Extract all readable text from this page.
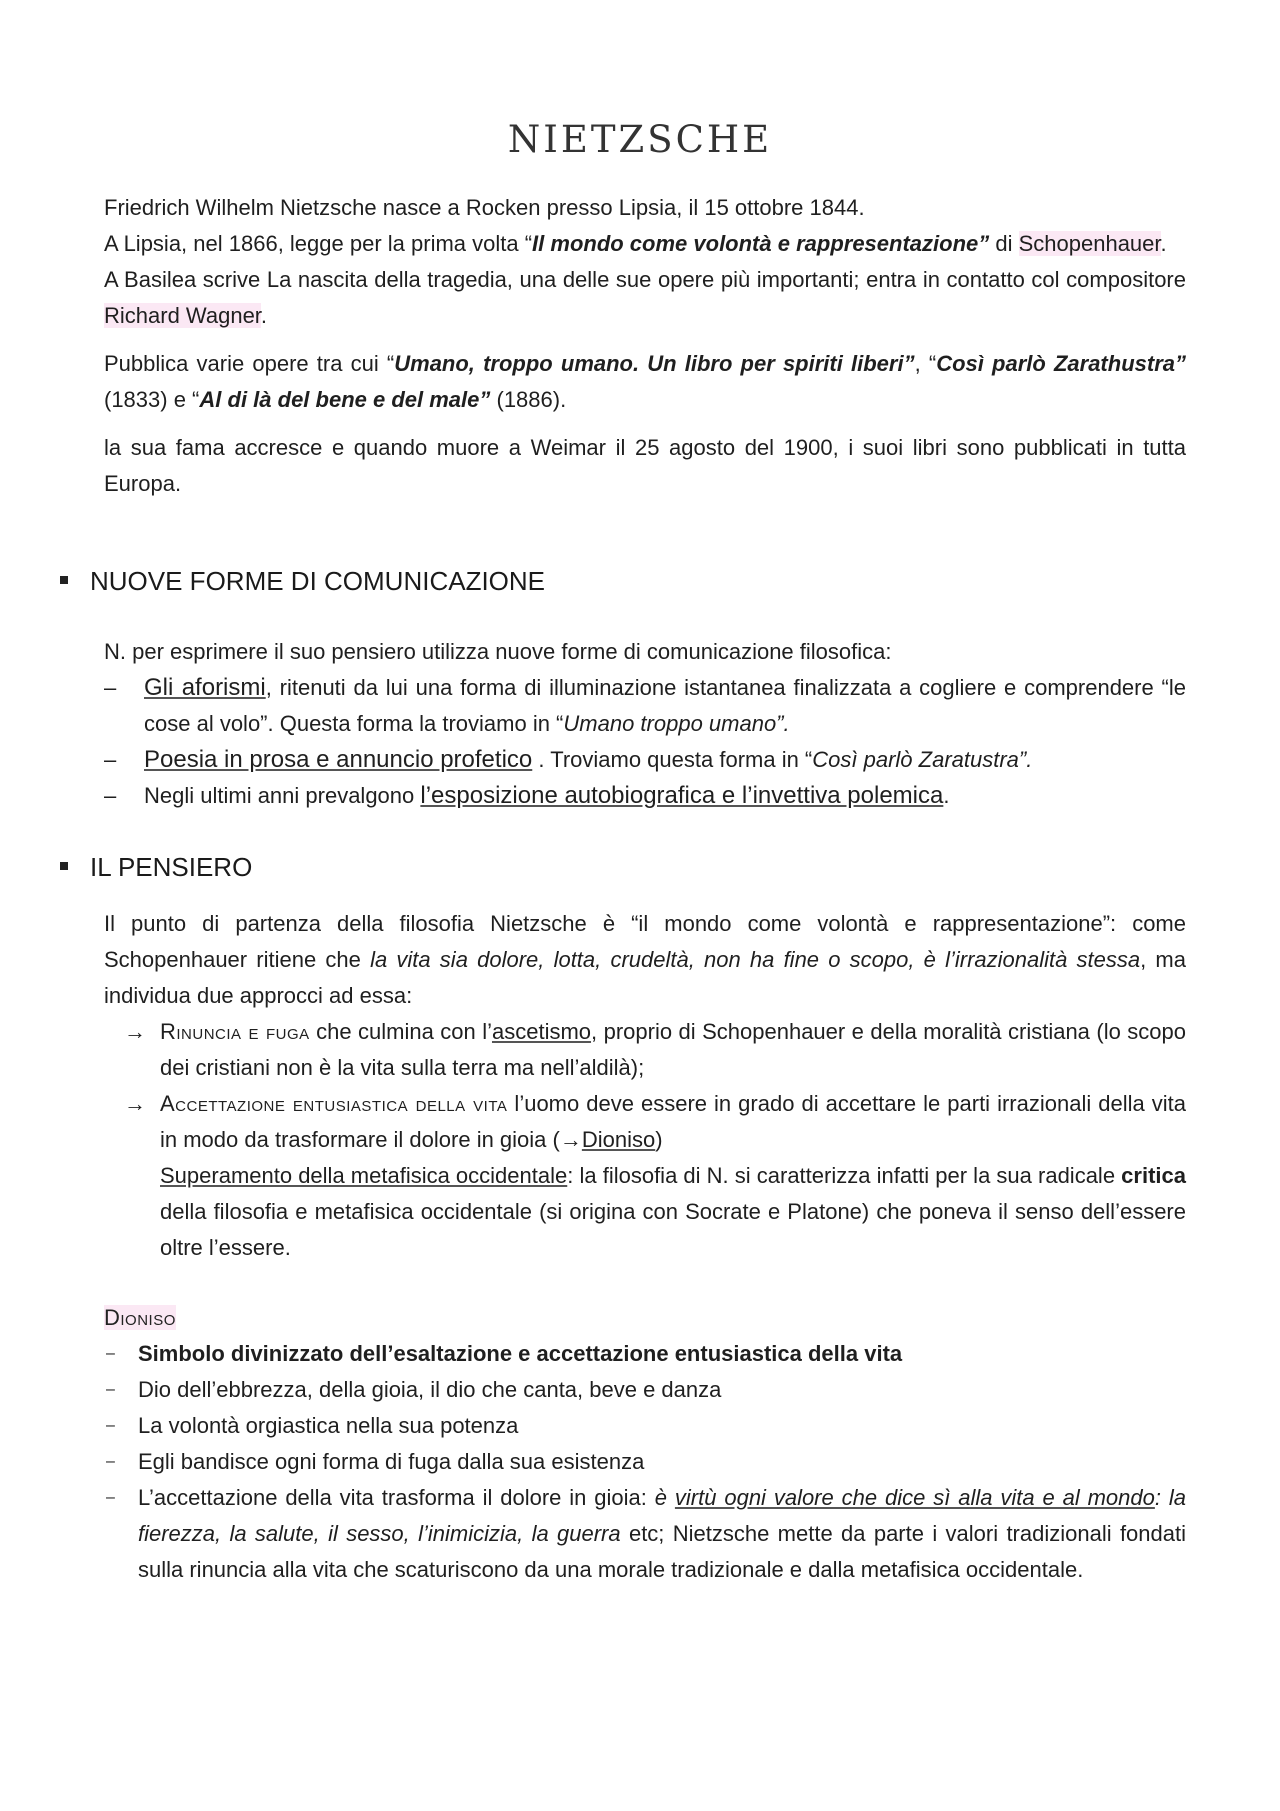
NIETZSCHE
Friedrich Wilhelm Nietzsche nasce a Rocken presso Lipsia, il 15 ottobre 1844.
A Lipsia, nel 1866, legge per la prima volta “Il mondo come volontà e rappresentazione” di Schopenhauer.
A Basilea scrive La nascita della tragedia, una delle sue opere più importanti; entra in contatto col compositore Richard Wagner.
Pubblica varie opere tra cui “Umano, troppo umano. Un libro per spiriti liberi”, “Così parlò Zarathustra” (1833) e “Al di là del bene e del male” (1886).
la sua fama accresce e quando muore a Weimar il 25 agosto del 1900, i suoi libri sono pubblicati in tutta Europa.
NUOVE FORME DI COMUNICAZIONE
N. per esprimere il suo pensiero utilizza nuove forme di comunicazione filosofica:
– Gli aforismi, ritenuti da lui una forma di illuminazione istantanea finalizzata a cogliere e comprendere “le cose al volo”. Questa forma la troviamo in “Umano troppo umano”.
– Poesia in prosa e annuncio profetico . Troviamo questa forma in “Così parlò Zaratustra”.
– Negli ultimi anni prevalgono l’esposizione autobiografica e l’invettiva polemica.
IL PENSIERO
Il punto di partenza della filosofia Nietzsche è “il mondo come volontà e rappresentazione”: come Schopenhauer ritiene che la vita sia dolore, lotta, crudeltà, non ha fine o scopo, è l’irrazionalità stessa, ma individua due approcci ad essa:
→ Rinuncia e fuga che culmina con l’ascetismo, proprio di Schopenhauer e della moralità cristiana (lo scopo dei cristiani non è la vita sulla terra ma nell’aldilà);
→ Accettazione entusiastica della vita l’uomo deve essere in grado di accettare le parti irrazionali della vita in modo da trasformare il dolore in gioia (→Dioniso)
Superamento della metafisica occidentale: la filosofia di N. si caratterizza infatti per la sua radicale critica della filosofia e metafisica occidentale (si origina con Socrate e Platone) che poneva il senso dell’essere oltre l’essere.
Dioniso
– Simbolo divinizzato dell’esaltazione e accettazione entusiastica della vita
– Dio dell’ebbrezza, della gioia, il dio che canta, beve e danza
– La volontà orgiastica nella sua potenza
– Egli bandisce ogni forma di fuga dalla sua esistenza
– L’accettazione della vita trasforma il dolore in gioia: è virtù ogni valore che dice sì alla vita e al mondo: la fierezza, la salute, il sesso, l’inimicizia, la guerra etc; Nietzsche mette da parte i valori tradizionali fondati sulla rinuncia alla vita che scaturiscono da una morale tradizionale e dalla metafisica occidentale.
